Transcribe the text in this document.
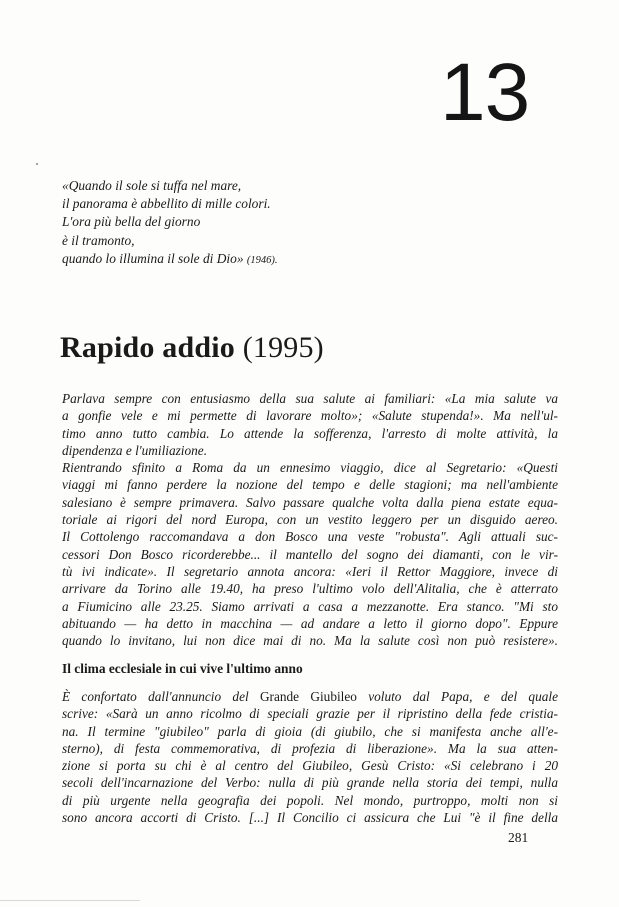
13
«Quando il sole si tuffa nel mare,
il panorama è abbellito di mille colori.
L'ora più bella del giorno
è il tramonto,
quando lo illumina il sole di Dio» (1946).
Rapido addio (1995)
Parlava sempre con entusiasmo della sua salute ai familiari: «La mia salute va
a gonfie vele e mi permette di lavorare molto»; «Salute stupenda!». Ma nell'ul-
timo anno tutto cambia. Lo attende la sofferenza, l'arresto di molte attività, la
dipendenza e l'umiliazione.
Rientrando sfinito a Roma da un ennesimo viaggio, dice al Segretario: «Questi
viaggi mi fanno perdere la nozione del tempo e delle stagioni; ma nell'ambiente
salesiano è sempre primavera. Salvo passare qualche volta dalla piena estate equa-
toriale ai rigori del nord Europa, con un vestito leggero per un disguido aereo.
Il Cottolengo raccomandava a don Bosco una veste "robusta". Agli attuali suc-
cessori Don Bosco ricorderebbe... il mantello del sogno dei diamanti, con le vir-
tù ivi indicate». Il segretario annota ancora: «Ieri il Rettor Maggiore, invece di
arrivare da Torino alle 19.40, ha preso l'ultimo volo dell'Alitalia, che è atterrato
a Fiumicino alle 23.25. Siamo arrivati a casa a mezzanotte. Era stanco. "Mi sto
abituando — ha detto in macchina — ad andare a letto il giorno dopo". Eppure
quando lo invitano, lui non dice mai di no. Ma la salute così non può resistere».
Il clima ecclesiale in cui vive l'ultimo anno
È confortato dall'annuncio del Grande Giubileo voluto dal Papa, e del quale
scrive: «Sarà un anno ricolmo di speciali grazie per il ripristino della fede cristia-
na. Il termine "giubileo" parla di gioia (di giubilo, che si manifesta anche all'e-
sterno), di festa commemorativa, di profezia di liberazione». Ma la sua atten-
zione si porta su chi è al centro del Giubileo, Gesù Cristo: «Si celebrano i 20
secoli dell'incarnazione del Verbo: nulla di più grande nella storia dei tempi, nulla
di più urgente nella geografia dei popoli. Nel mondo, purtroppo, molti non si
sono ancora accorti di Cristo. [...] Il Concilio ci assicura che Lui "è il fine della
281
